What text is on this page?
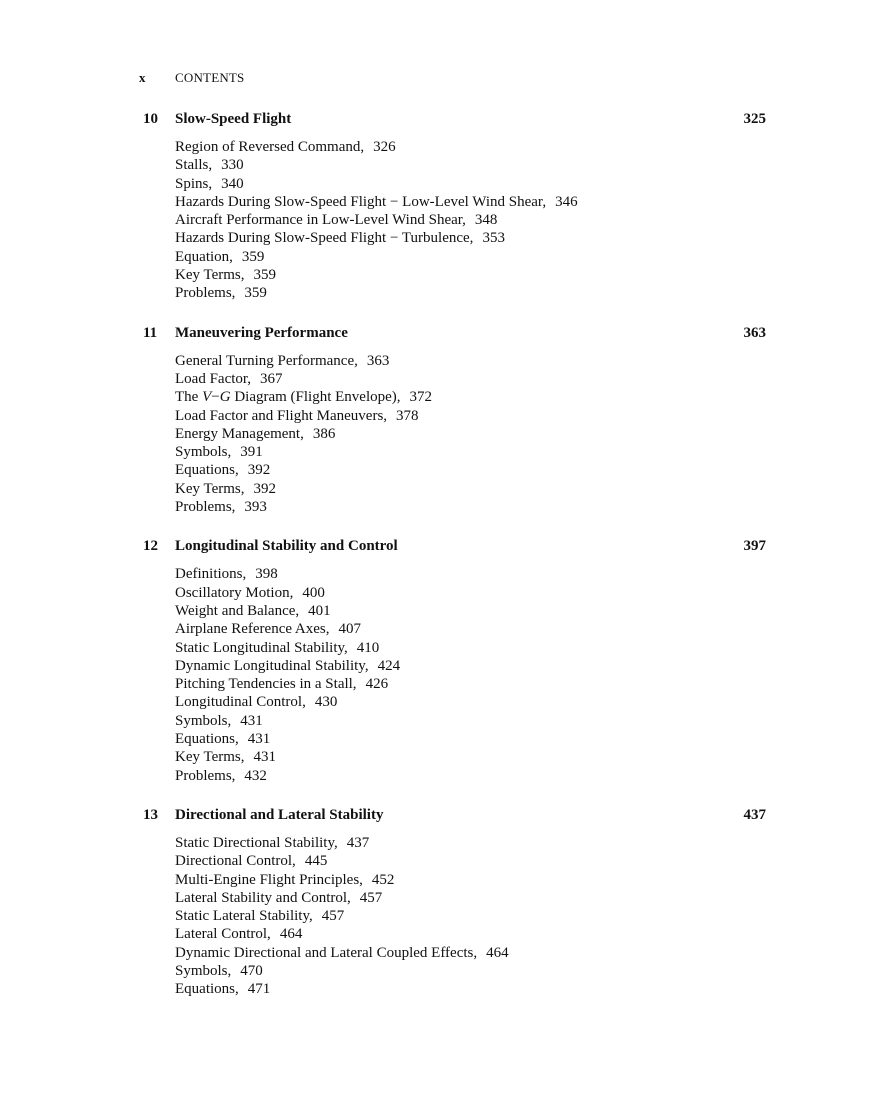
x CONTENTS
10 Slow-Speed Flight	325
Region of Reversed Command, 326
Stalls, 330
Spins, 340
Hazards During Slow-Speed Flight − Low-Level Wind Shear, 346
Aircraft Performance in Low-Level Wind Shear, 348
Hazards During Slow-Speed Flight − Turbulence, 353
Equation, 359
Key Terms, 359
Problems, 359
11 Maneuvering Performance	363
General Turning Performance, 363
Load Factor, 367
The V−G Diagram (Flight Envelope), 372
Load Factor and Flight Maneuvers, 378
Energy Management, 386
Symbols, 391
Equations, 392
Key Terms, 392
Problems, 393
12 Longitudinal Stability and Control	397
Definitions, 398
Oscillatory Motion, 400
Weight and Balance, 401
Airplane Reference Axes, 407
Static Longitudinal Stability, 410
Dynamic Longitudinal Stability, 424
Pitching Tendencies in a Stall, 426
Longitudinal Control, 430
Symbols, 431
Equations, 431
Key Terms, 431
Problems, 432
13 Directional and Lateral Stability	437
Static Directional Stability, 437
Directional Control, 445
Multi-Engine Flight Principles, 452
Lateral Stability and Control, 457
Static Lateral Stability, 457
Lateral Control, 464
Dynamic Directional and Lateral Coupled Effects, 464
Symbols, 470
Equations, 471
